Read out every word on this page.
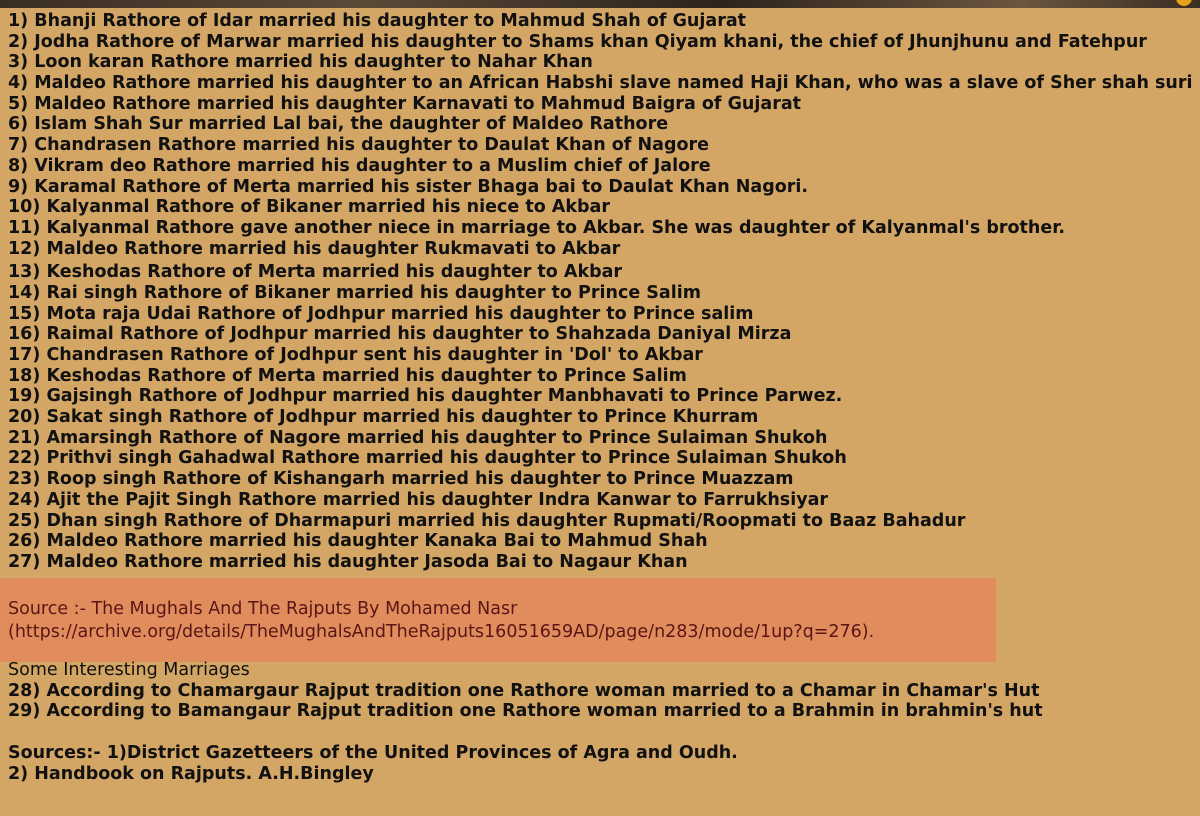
1) Bhanji Rathore of Idar married his daughter to Mahmud Shah of Gujarat
2) Jodha Rathore of Marwar married his daughter to Shams khan Qiyam khani, the chief of Jhunjhunu and Fatehpur
3) Loon karan Rathore married his daughter to Nahar Khan
4) Maldeo Rathore married his daughter to an African Habshi slave named Haji Khan, who was a slave of Sher shah suri
5) Maldeo Rathore married his daughter Karnavati to Mahmud Baigra of Gujarat
6) Islam Shah Sur married Lal bai, the daughter of Maldeo Rathore
7) Chandrasen Rathore married his daughter to Daulat Khan of Nagore
8) Vikram deo Rathore married his daughter to a Muslim chief of Jalore
9) Karamal Rathore of Merta married his sister Bhaga bai to Daulat Khan Nagori.
10) Kalyanmal Rathore of Bikaner married his niece to Akbar
11) Kalyanmal Rathore gave another niece in marriage to Akbar. She was daughter of Kalyanmal's brother.
12) Maldeo Rathore married his daughter Rukmavati to Akbar
13) Keshodas Rathore of Merta married his daughter to Akbar
14) Rai singh Rathore of Bikaner married his daughter to Prince Salim
15) Mota raja Udai Rathore of Jodhpur married his daughter to Prince salim
16) Raimal Rathore of Jodhpur married his daughter to Shahzada Daniyal Mirza
17) Chandrasen Rathore of Jodhpur sent his daughter in 'Dol' to Akbar
18) Keshodas Rathore of Merta married his daughter to Prince Salim
19) Gajsingh Rathore of Jodhpur married his daughter Manbhavati to Prince Parwez.
20) Sakat singh Rathore of Jodhpur married his daughter to Prince Khurram
21) Amarsingh Rathore of Nagore married his daughter to Prince Sulaiman Shukoh
22) Prithvi singh Gahadwal Rathore married his daughter to Prince Sulaiman Shukoh
23) Roop singh Rathore of Kishangarh married his daughter to Prince Muazzam
24) Ajit the Pajit Singh Rathore married his daughter Indra Kanwar to Farrukhsiyar
25) Dhan singh Rathore of Dharmapuri married his daughter Rupmati/Roopmati to Baaz Bahadur
26) Maldeo Rathore married his daughter Kanaka Bai to Mahmud Shah
27) Maldeo Rathore married his daughter Jasoda Bai to Nagaur Khan
Source :- The Mughals And The Rajputs By Mohamed Nasr
(https://archive.org/details/TheMughalsAndTheRajputs16051659AD/page/n283/mode/1up?q=276).
Some Interesting Marriages
28) According to Chamargaur Rajput tradition one Rathore woman married to a Chamar in Chamar's Hut
29) According to Bamangaur Rajput tradition one Rathore woman married to a Brahmin in brahmin's hut
Sources:- 1)District Gazetteers of the United Provinces of Agra and Oudh.
2) Handbook on Rajputs. A.H.Bingley
